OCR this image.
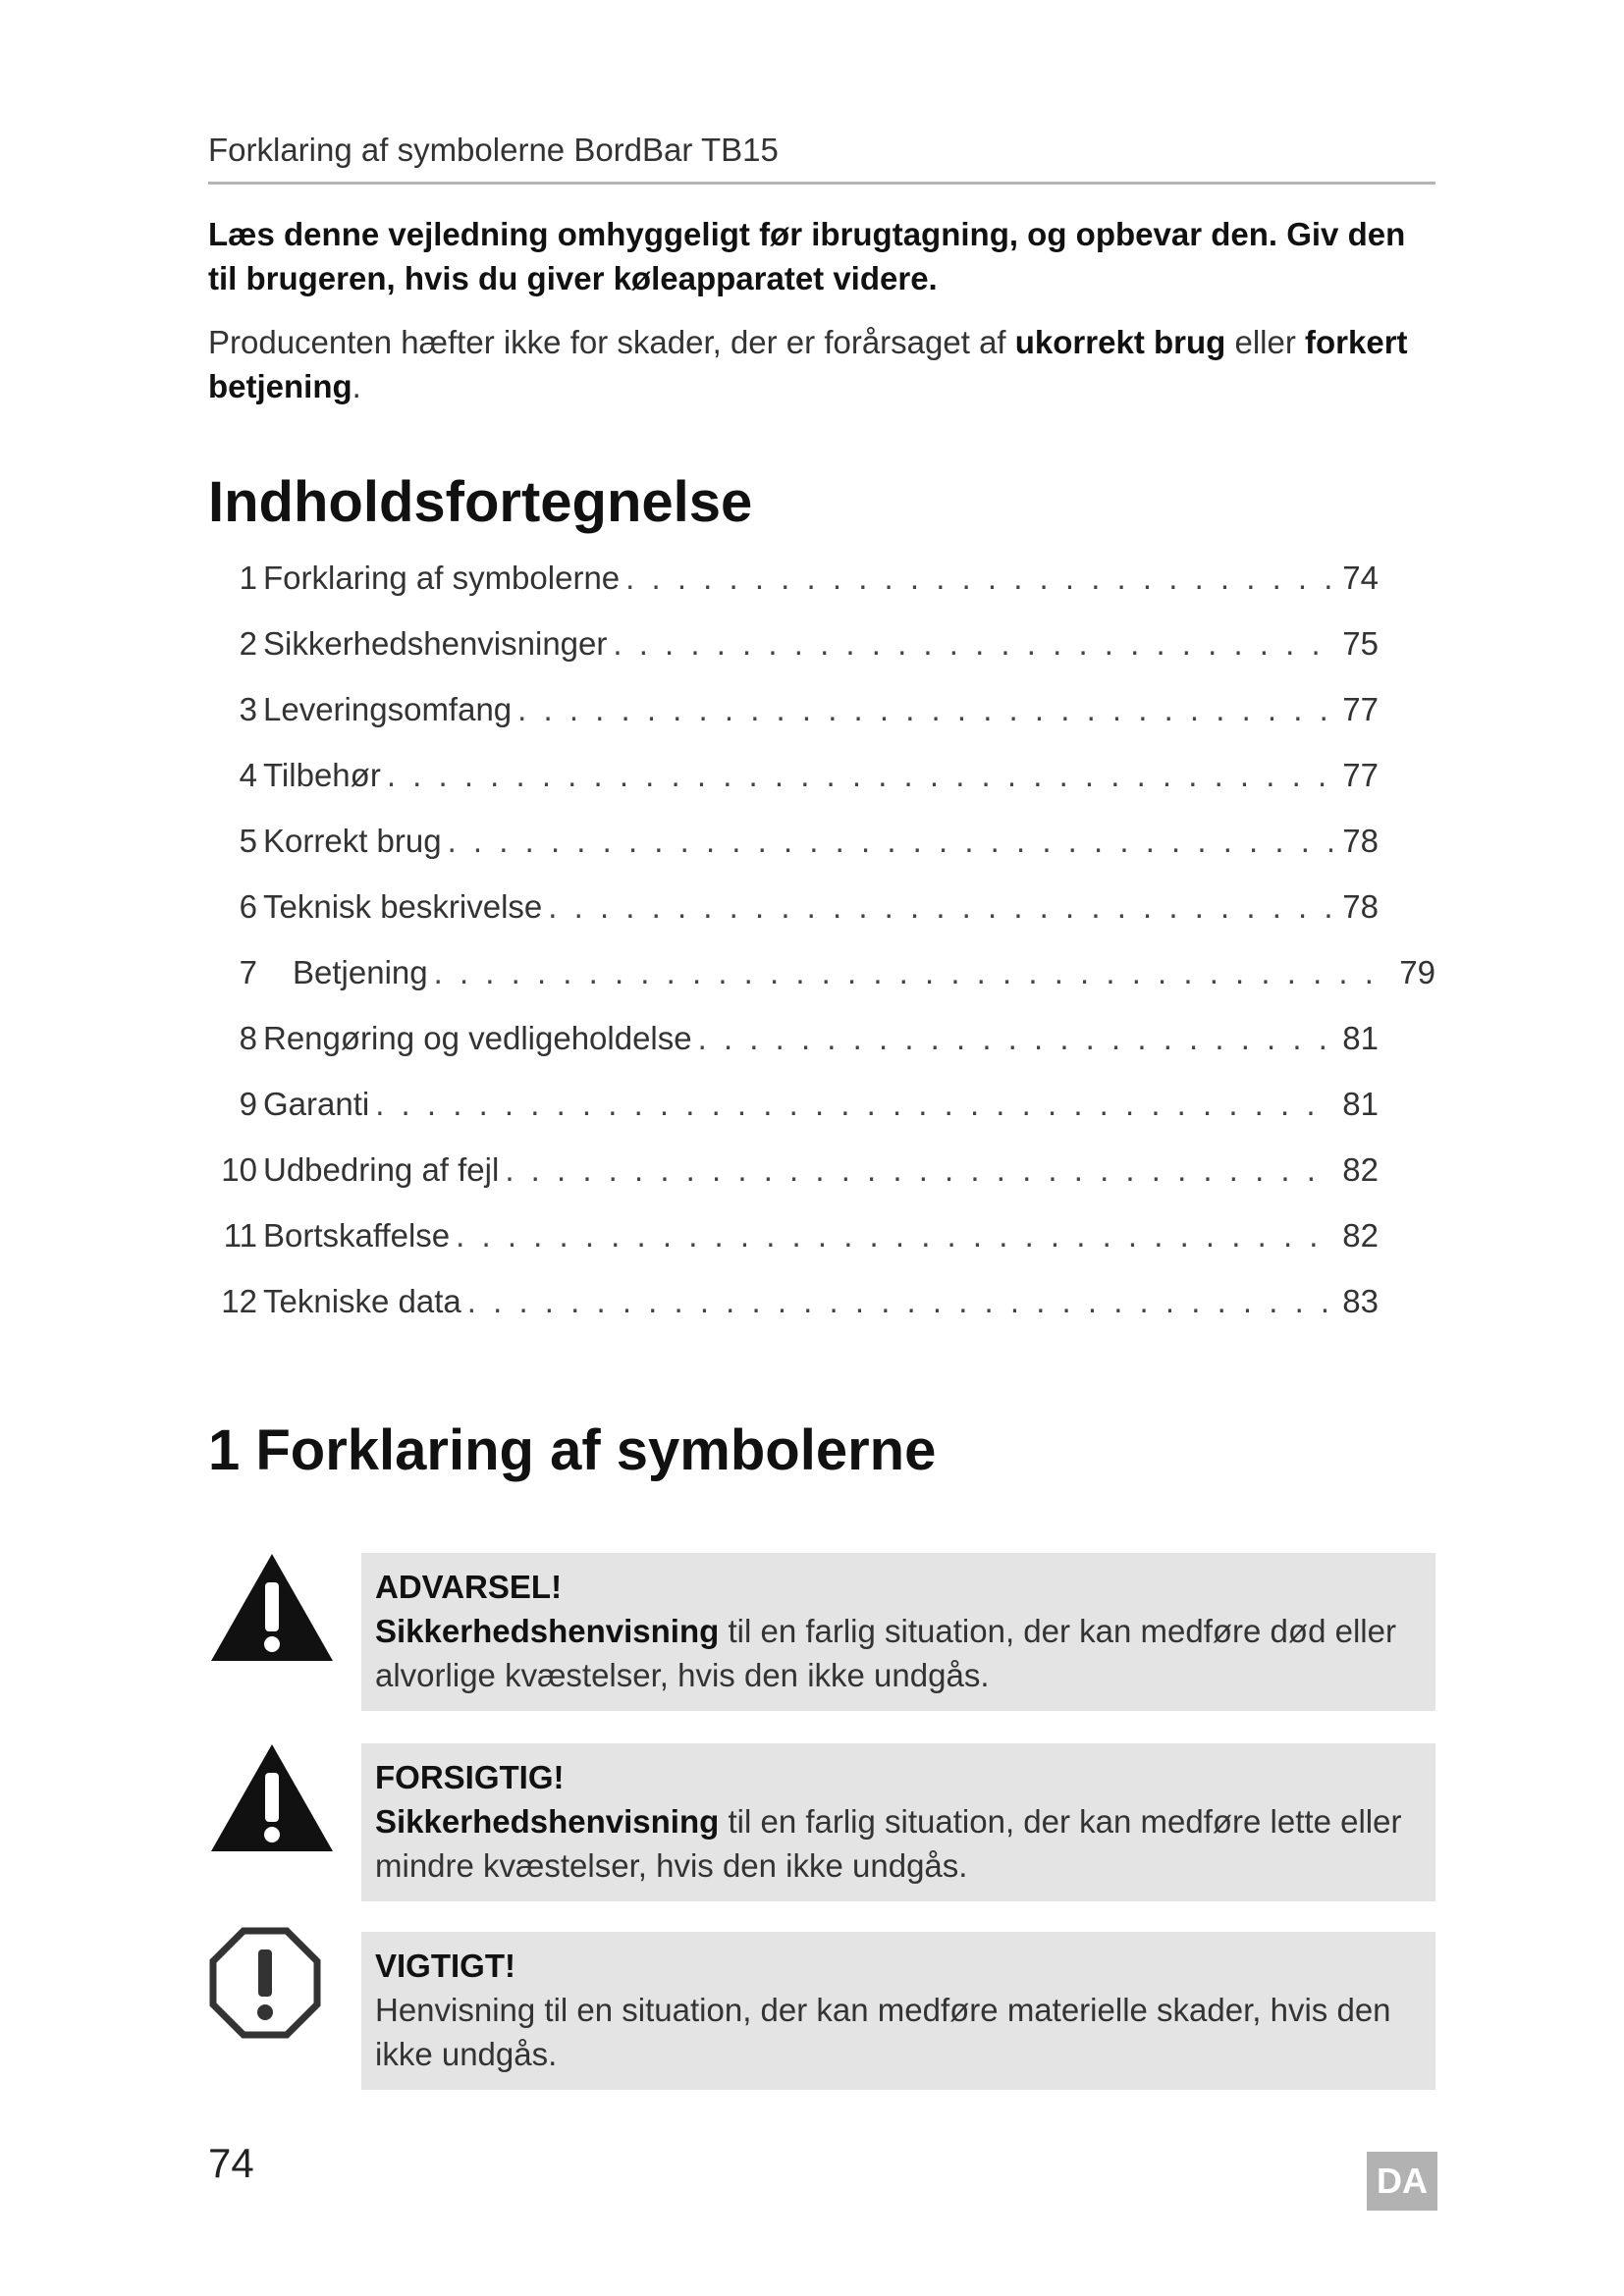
Forklaring af symbolerne BordBar TB15
Læs denne vejledning omhyggeligt før ibrugtagning, og opbevar den. Giv den til brugeren, hvis du giver køleapparatet videre.
Producenten hæfter ikke for skader, der er forårsaget af ukorrekt brug eller forkert betjening.
Indholdsfortegnelse
1 Forklaring af symbolerne . . .	74
2 Sikkerhedshenvisninger . . .	75
3 Leveringsomfang . . .	77
4 Tilbehør . . .	77
5 Korrekt brug . . .	78
6 Teknisk beskrivelse . . .	78
7 Betjening . . .	79
8 Rengøring og vedligeholdelse . . .	81
9 Garanti . . .	81
10 Udbedring af fejl . . .	82
11 Bortskaffelse . . .	82
12 Tekniske data . . .	83
1 Forklaring af symbolerne
ADVARSEL!
Sikkerhedshenvisning til en farlig situation, der kan medføre død eller alvorlige kvæstelser, hvis den ikke undgås.
FORSIGTIG!
Sikkerhedshenvisning til en farlig situation, der kan medføre lette eller mindre kvæstelser, hvis den ikke undgås.
VIGTIGT!
Henvisning til en situation, der kan medføre materielle skader, hvis den ikke undgås.
74	DA
